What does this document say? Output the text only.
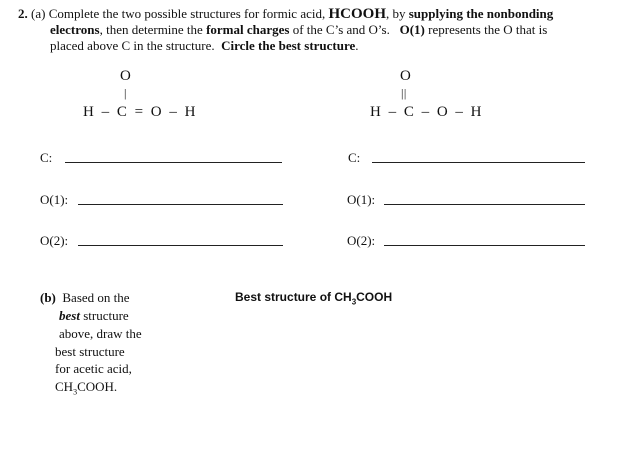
2. (a) Complete the two possible structures for formic acid, HCOOH, by supplying the nonbonding
electrons, then determine the formal charges of the C’s and O’s. O(1) represents the O that is
placed above C in the structure. Circle the best structure.
O
|
H – C = O – H
O
||
H – C – O – H
C:	C:
O(1):	O(1):
O(2):	O(2):
(b) Based on the
best structure
above, draw the
best structure
for acetic acid,
$CH_3COOH$.
Best structure of $CH_3COOH$
